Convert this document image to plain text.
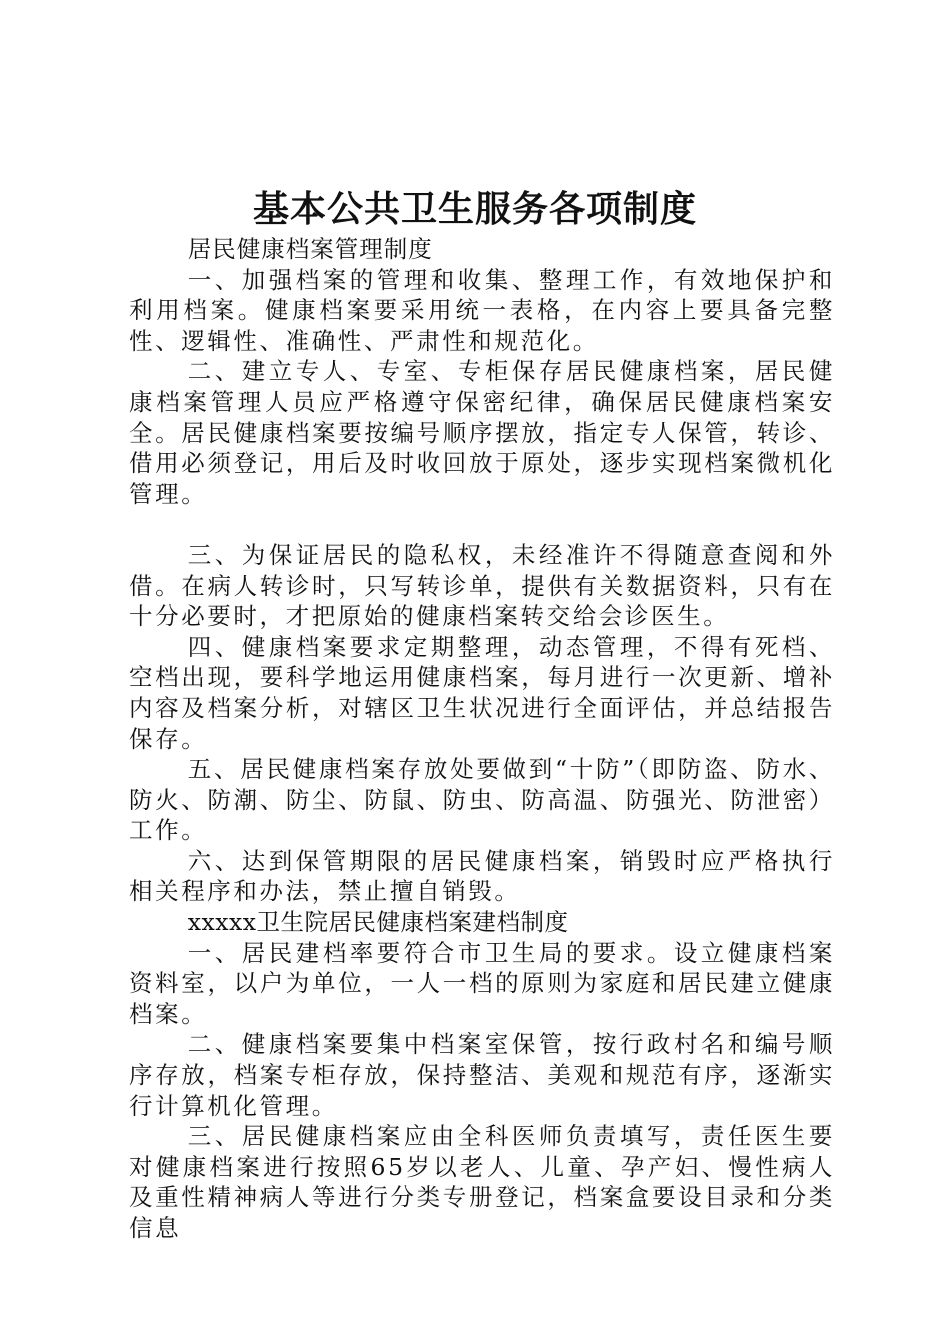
基本公共卫生服务各项制度

居民健康档案管理制度

一、加强档案的管理和收集、整理工作，有效地保护和利用档案。健康档案要采用统一表格，在内容上要具备完整性、逻辑性、准确性、严肃性和规范化。

二、建立专人、专室、专柜保存居民健康档案，居民健康档案管理人员应严格遵守保密纪律，确保居民健康档案安全。居民健康档案要按编号顺序摆放，指定专人保管，转诊、借用必须登记，用后及时收回放于原处，逐步实现档案微机化管理。

三、为保证居民的隐私权，未经准许不得随意查阅和外借。在病人转诊时，只写转诊单，提供有关数据资料，只有在十分必要时，才把原始的健康档案转交给会诊医生。

四、健康档案要求定期整理，动态管理，不得有死档、空档出现，要科学地运用健康档案，每月进行一次更新、增补内容及档案分析，对辖区卫生状况进行全面评估，并总结报告保存。

五、居民健康档案存放处要做到“十防”（即防盗、防水、防火、防潮、防尘、防鼠、防虫、防高温、防强光、防泄密）工作。

六、达到保管期限的居民健康档案，销毁时应严格执行相关程序和办法，禁止擅自销毁。

xxxxx卫生院居民健康档案建档制度

一、居民建档率要符合市卫生局的要求。设立健康档案资料室，以户为单位，一人一档的原则为家庭和居民建立健康档案。

二、健康档案要集中档案室保管，按行政村名和编号顺序存放，档案专柜存放，保持整洁、美观和规范有序，逐渐实行计算机化管理。

三、居民健康档案应由全科医师负责填写，责任医生要对健康档案进行按照65岁以老人、儿童、孕产妇、慢性病人及重性精神病人等进行分类专册登记，档案盒要设目录和分类信息
